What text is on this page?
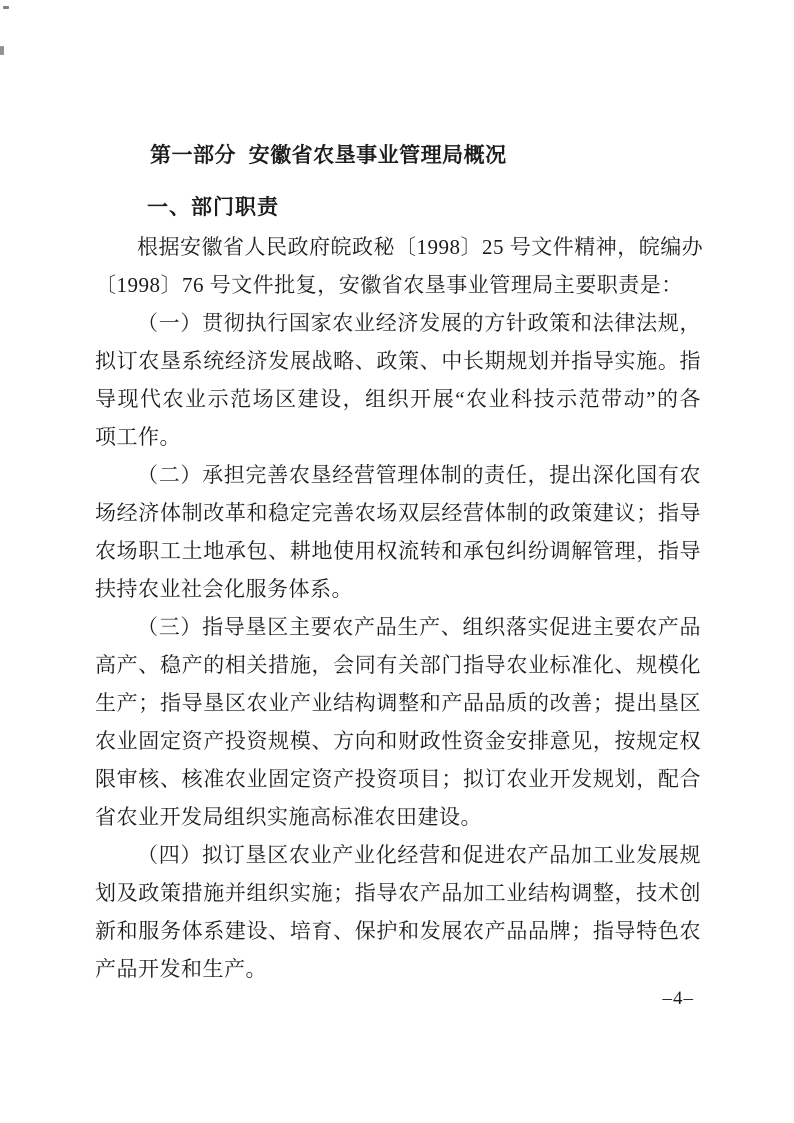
第一部分  安徽省农垦事业管理局概况
一、部门职责
根据安徽省人民政府皖政秘〔1998〕25 号文件精神，皖编办
〔1998〕76 号文件批复，安徽省农垦事业管理局主要职责是：
（一）贯彻执行国家农业经济发展的方针政策和法律法规，
拟订农垦系统经济发展战略、政策、中长期规划并指导实施。指
导现代农业示范场区建设，组织开展“农业科技示范带动”的各
项工作。
（二）承担完善农垦经营管理体制的责任，提出深化国有农
场经济体制改革和稳定完善农场双层经营体制的政策建议；指导
农场职工土地承包、耕地使用权流转和承包纠纷调解管理，指导
扶持农业社会化服务体系。
（三）指导垦区主要农产品生产、组织落实促进主要农产品
高产、稳产的相关措施，会同有关部门指导农业标准化、规模化
生产；指导垦区农业产业结构调整和产品品质的改善；提出垦区
农业固定资产投资规模、方向和财政性资金安排意见，按规定权
限审核、核准农业固定资产投资项目；拟订农业开发规划，配合
省农业开发局组织实施高标准农田建设。
（四）拟订垦区农业产业化经营和促进农产品加工业发展规
划及政策措施并组织实施；指导农产品加工业结构调整，技术创
新和服务体系建设、培育、保护和发展农产品品牌；指导特色农
产品开发和生产。
–4–
